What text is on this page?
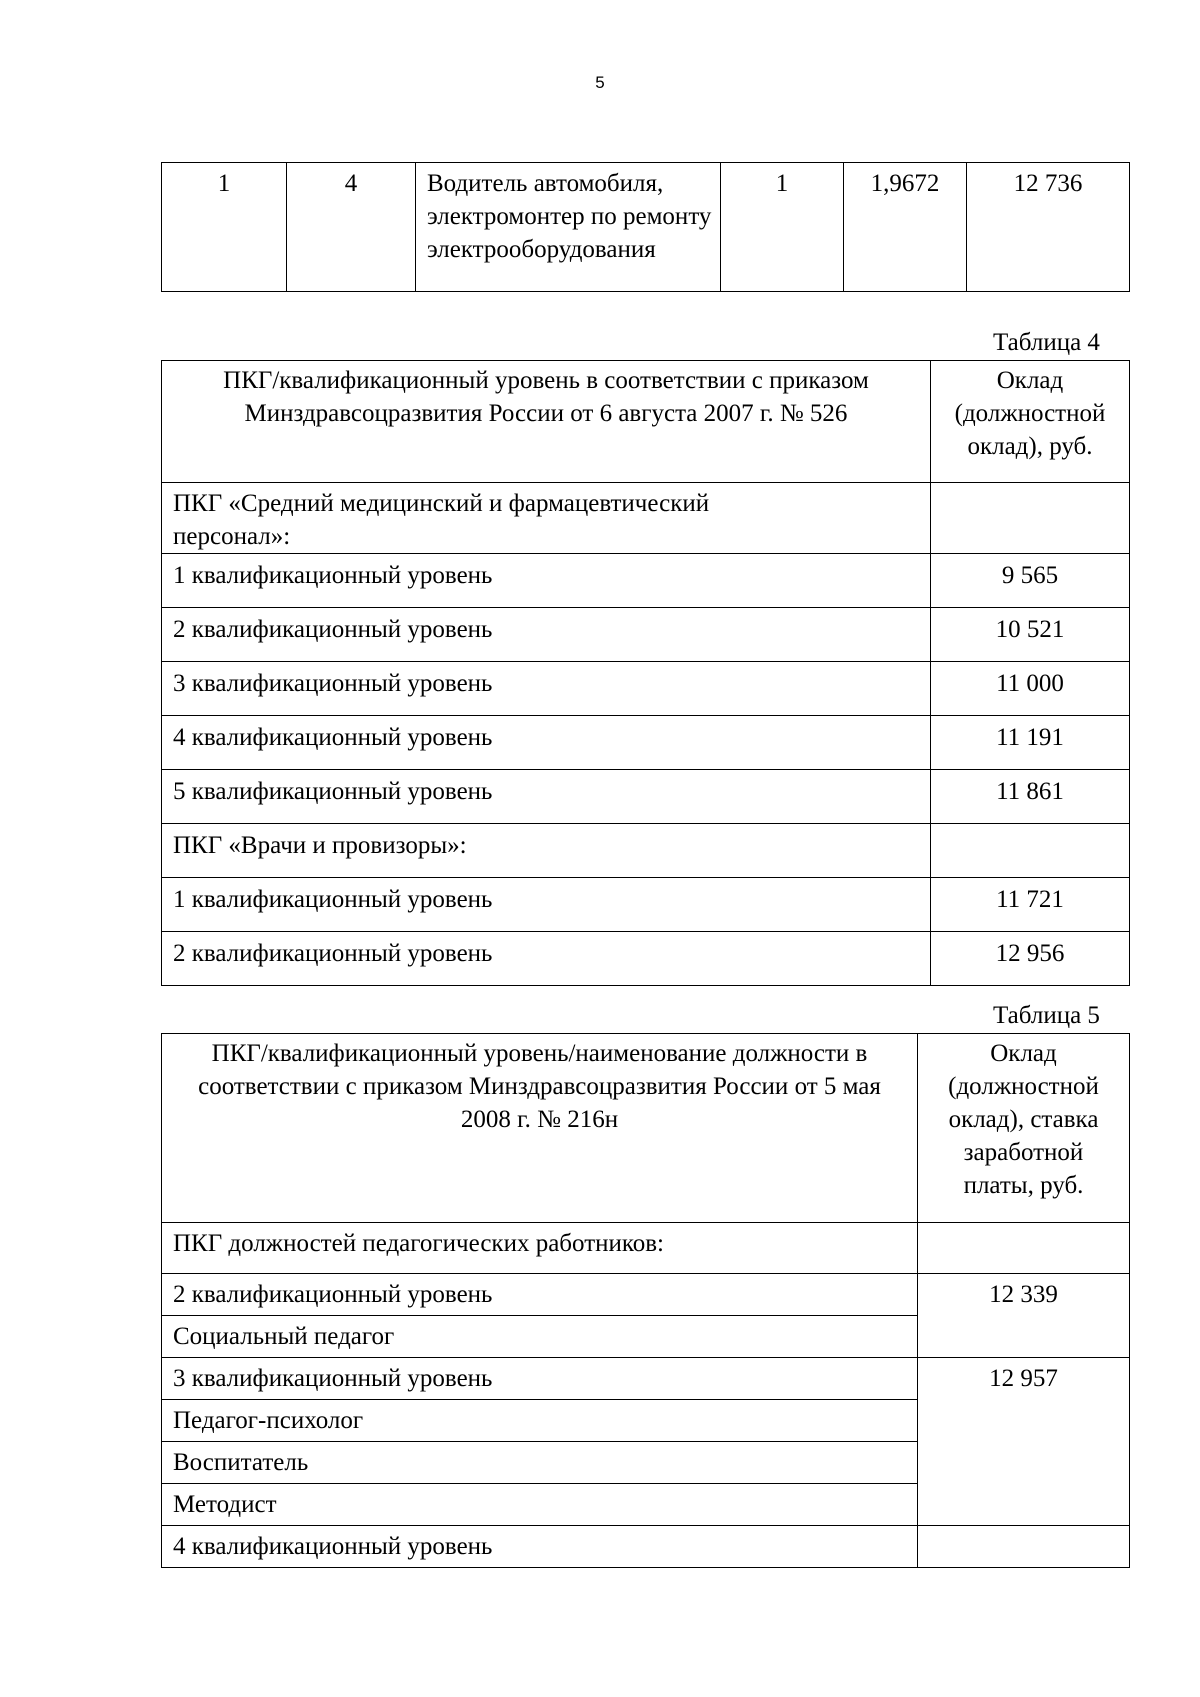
5
1	4	Водитель автомобиля, электромонтер по ремонту электрооборудования	1	1,9672	12 736
Таблица 4
ПКГ/квалификационный уровень в соответствии с приказом Минздравсоцразвития России от 6 августа 2007 г. № 526	Оклад (должностной оклад), руб.
ПКГ «Средний медицинский и фармацевтический персонал»:	
1 квалификационный уровень	9 565
2 квалификационный уровень	10 521
3 квалификационный уровень	11 000
4 квалификационный уровень	11 191
5 квалификационный уровень	11 861
ПКГ «Врачи и провизоры»:	
1 квалификационный уровень	11 721
2 квалификационный уровень	12 956
Таблица 5
ПКГ/квалификационный уровень/наименование должности в соответствии с приказом Минздравсоцразвития России от 5 мая 2008 г. № 216н	Оклад (должностной оклад), ставка заработной платы, руб.
ПКГ должностей педагогических работников:	
2 квалификационный уровень	12 339
Социальный педагог	
3 квалификационный уровень	12 957
Педагог-психолог	
Воспитатель	
Методист	
4 квалификационный уровень	
